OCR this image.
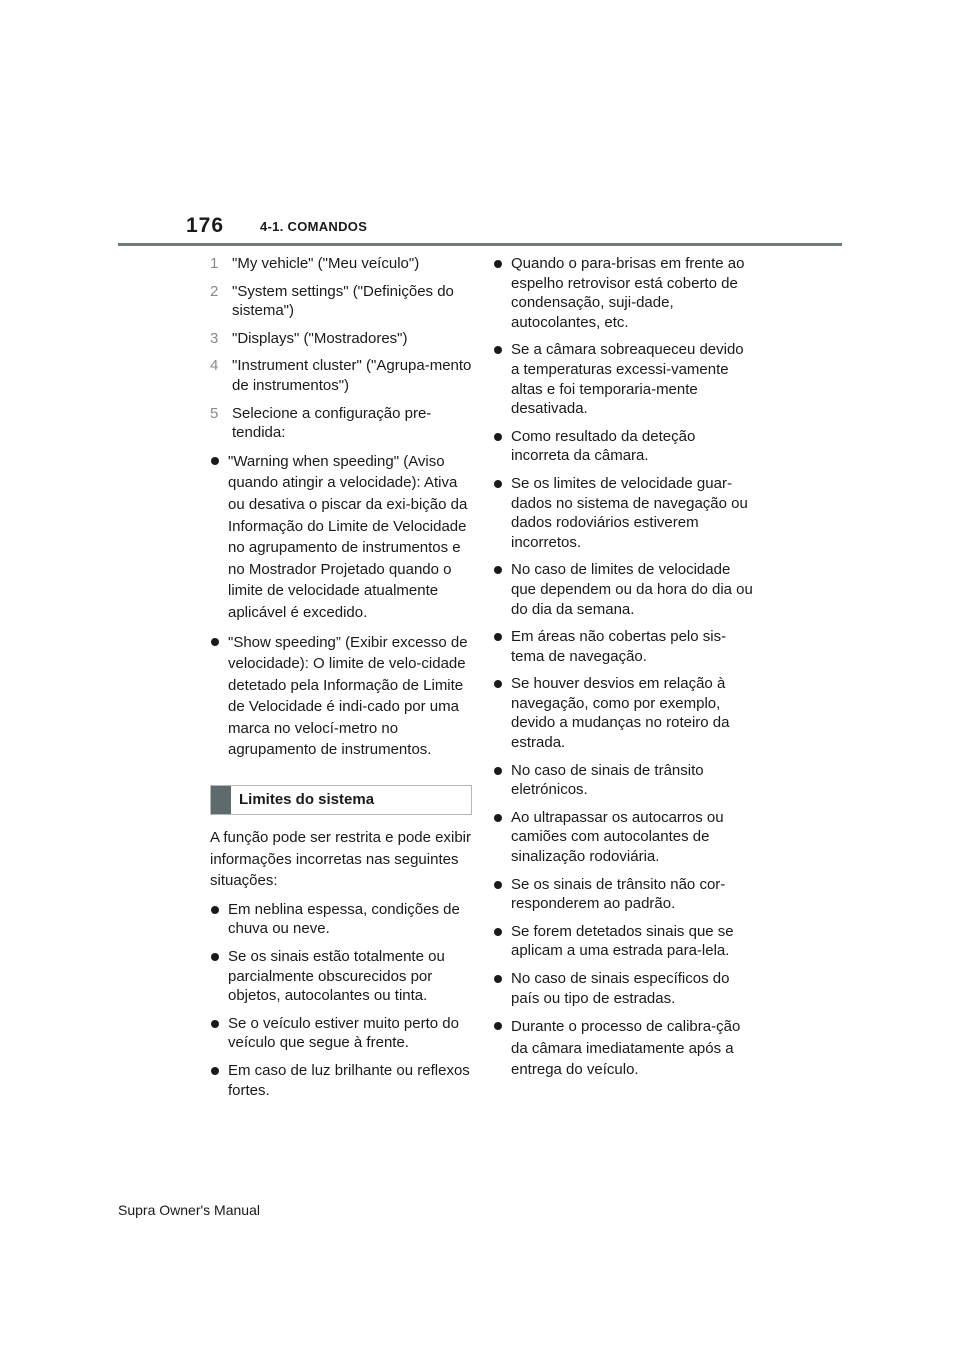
176	4-1. COMANDOS
1 "My vehicle" ("Meu veículo")
2 "System settings" ("Definições do sistema")
3 "Displays" ("Mostradores")
4 "Instrument cluster" ("Agrupa-mento de instrumentos")
5 Selecione a configuração pre-tendida:
"Warning when speeding" (Aviso quando atingir a velocidade): Ativa ou desativa o piscar da exi-bição da Informação do Limite de Velocidade no agrupamento de instrumentos e no Mostrador Projetado quando o limite de velocidade atualmente aplicável é excedido.
"Show speeding” (Exibir excesso de velocidade): O limite de velo-cidade detetado pela Informação de Limite de Velocidade é indi-cado por uma marca no velocí-metro no agrupamento de instrumentos.
Limites do sistema
A função pode ser restrita e pode exibir informações incorretas nas seguintes situações:
Em neblina espessa, condições de chuva ou neve.
Se os sinais estão totalmente ou parcialmente obscurecidos por objetos, autocolantes ou tinta.
Se o veículo estiver muito perto do veículo que segue à frente.
Em caso de luz brilhante ou reflexos fortes.
Quando o para-brisas em frente ao espelho retrovisor está coberto de condensação, suji-dade, autocolantes, etc.
Se a câmara sobreaqueceu devido a temperaturas excessi-vamente altas e foi temporaria-mente desativada.
Como resultado da deteção incorreta da câmara.
Se os limites de velocidade guar-dados no sistema de navegação ou dados rodoviários estiverem incorretos.
No caso de limites de velocidade que dependem ou da hora do dia ou do dia da semana.
Em áreas não cobertas pelo sis-tema de navegação.
Se houver desvios em relação à navegação, como por exemplo, devido a mudanças no roteiro da estrada.
No caso de sinais de trânsito eletrónicos.
Ao ultrapassar os autocarros ou camiões com autocolantes de sinalização rodoviária.
Se os sinais de trânsito não cor-responderem ao padrão.
Se forem detetados sinais que se aplicam a uma estrada para-lela.
No caso de sinais específicos do país ou tipo de estradas.
Durante o processo de calibra-ção da câmara imediatamente após a entrega do veículo.
Supra Owner's Manual
